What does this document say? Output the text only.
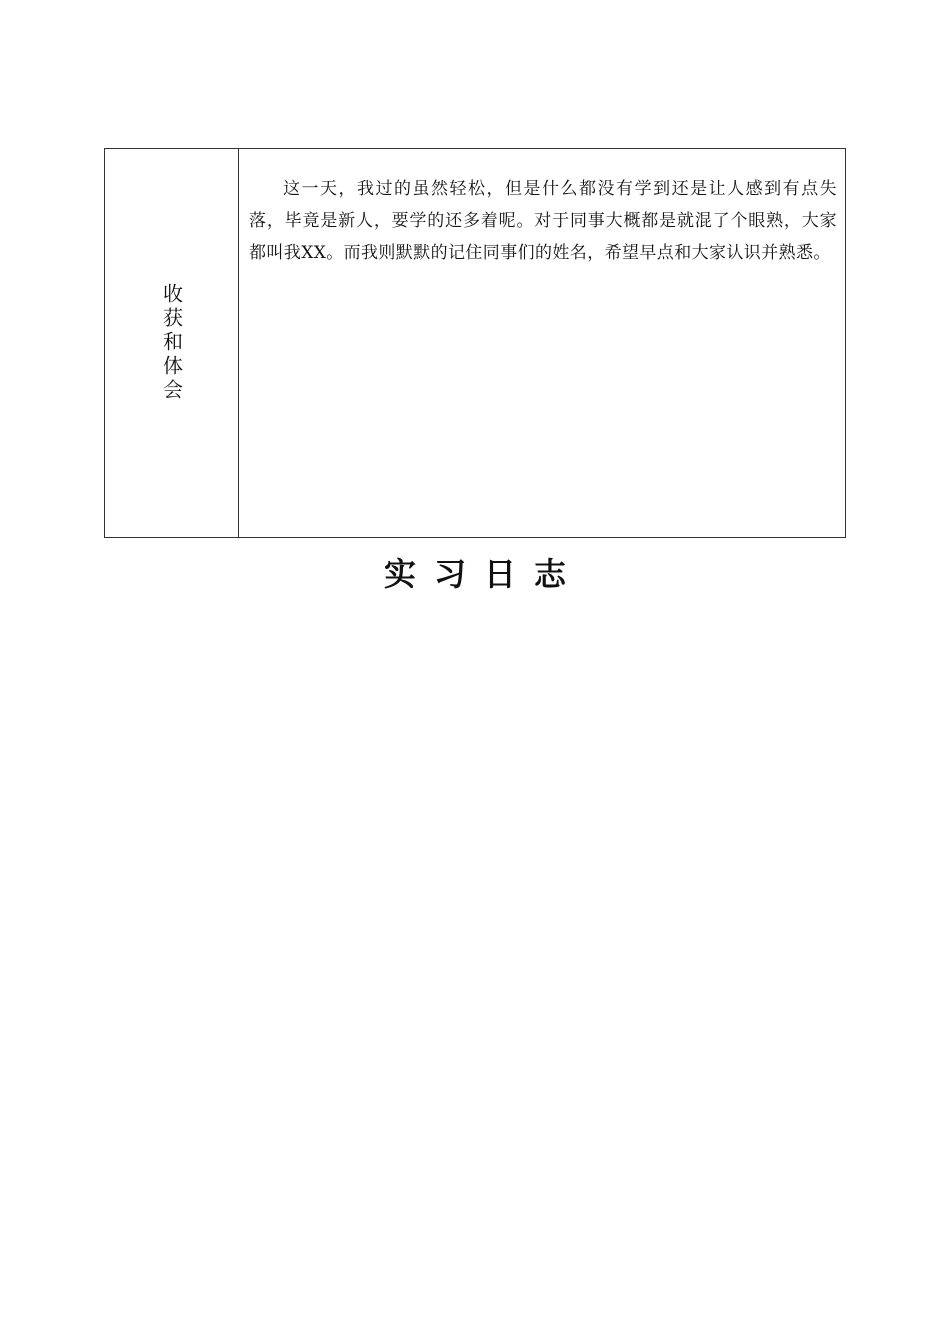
收获和体会

这一天，我过的虽然轻松，但是什么都没有学到还是让人感到有点失落，毕竟是新人，要学的还多着呢。对于同事大概都是就混了个眼熟，大家都叫我XX。而我则默默的记住同事们的姓名，希望早点和大家认识并熟悉。

实习日志
